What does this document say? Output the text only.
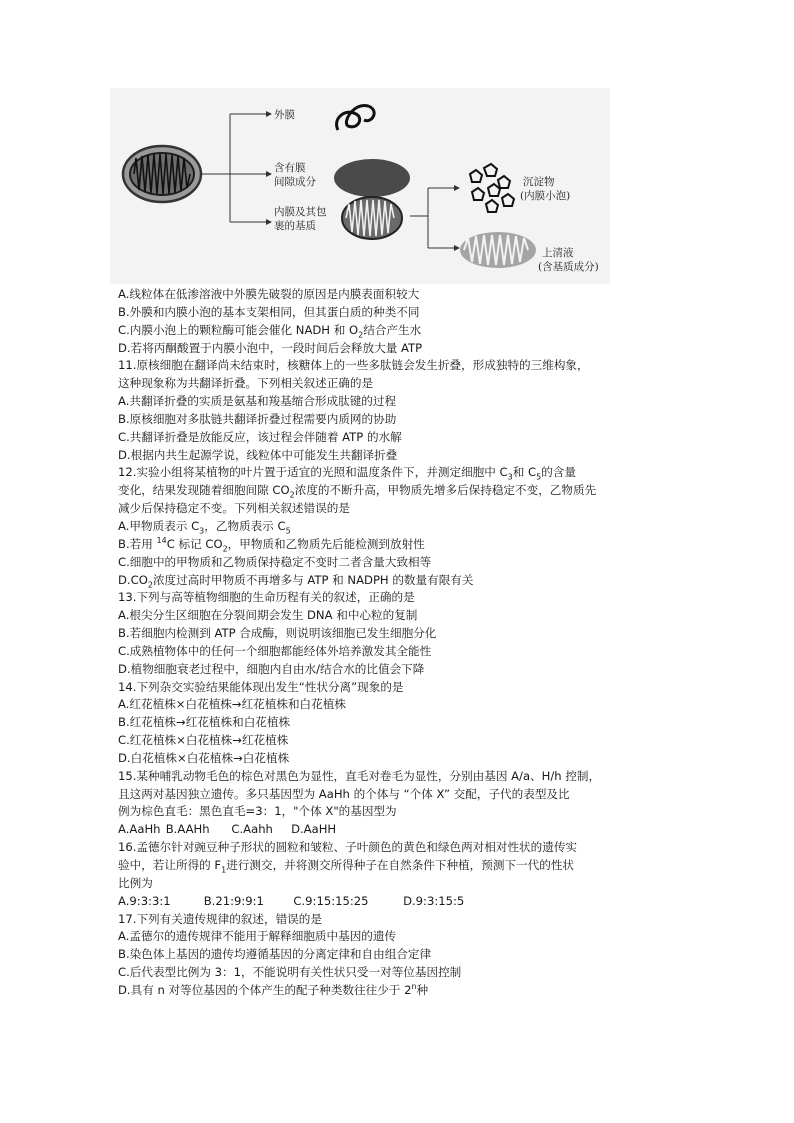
外膜
含有膜
间隙成分
内膜及其包
裹的基质
沉淀物
(内膜小泡)
上清液
(含基质成分)
A.线粒体在低渗溶液中外膜先破裂的原因是内膜表面积较大
B.外膜和内膜小泡的基本支架相同，但其蛋白质的种类不同
C.内膜小泡上的颗粒酶可能会催化 NADH 和 $O_2$结合产生水
D.若将丙酮酸置于内膜小泡中，一段时间后会释放大量 ATP
11.原核细胞在翻译尚未结束时，核糖体上的一些多肽链会发生折叠，形成独特的三维构象，
这种现象称为共翻译折叠。下列相关叙述正确的是
A.共翻译折叠的实质是氨基和羧基缩合形成肽键的过程
B.原核细胞对多肽链共翻译折叠过程需要内质网的协助
C.共翻译折叠是放能反应，该过程会伴随着 ATP 的水解
D.根据内共生起源学说，线粒体中可能发生共翻译折叠
12.实验小组将某植物的叶片置于适宜的光照和温度条件下，并测定细胞中 $C_3$和 $C_5$的含量
变化，结果发现随着细胞间隙 $CO_2$浓度的不断升高，甲物质先增多后保持稳定不变，乙物质先
减少后保持稳定不变。下列相关叙述错误的是
A.甲物质表示 $C_3$，乙物质表示 $C_5$
B.若用 $^{14}$C 标记 $CO_2$，甲物质和乙物质先后能检测到放射性
C.细胞中的甲物质和乙物质保持稳定不变时二者含量大致相等
$D.CO_2$浓度过高时甲物质不再增多与 ATP 和 NADPH 的数量有限有关
13.下列与高等植物细胞的生命历程有关的叙述，正确的是
A.根尖分生区细胞在分裂间期会发生 DNA 和中心粒的复制
B.若细胞内检测到 ATP 合成酶，则说明该细胞已发生细胞分化
C.成熟植物体中的任何一个细胞都能经体外培养激发其全能性
D.植物细胞衰老过程中，细胞内自由水/结合水的比值会下降
14.下列杂交实验结果能体现出发生“性状分离”现象的是
A.红花植株×白花植株→红花植株和白花植株
B.红花植株→红花植株和白花植株
C.红花植株×白花植株→红花植株
D.白花植株×白花植株→白花植株
15.某种哺乳动物毛色的棕色对黑色为显性，直毛对卷毛为显性，分别由基因 A/a、H/h 控制，
且这两对基因独立遗传。多只基因型为 AaHh 的个体与 “个体 X” 交配，子代的表型及比
例为棕色直毛：黑色直毛=3：1，"个体 X"的基因型为
A.AaHh B.AAHh C.Aahh D.AaHH
16.孟德尔针对豌豆种子形状的圆粒和皱粒、子叶颜色的黄色和绿色两对相对性状的遗传实
验中，若让所得的 $F_1$进行测交，并将测交所得种子在自然条件下种植，预测下一代的性状
比例为
A.9:3:3:1	B.21:9:9:1	C.9:15:15:25	D.9:3:15:5
17.下列有关遗传规律的叙述，错误的是
A.孟德尔的遗传规律不能用于解释细胞质中基因的遗传
B.染色体上基因的遗传均遵循基因的分离定律和自由组合定律
C.后代表型比例为 3：1，不能说明有关性状只受一对等位基因控制
D.具有 n 对等位基因的个体产生的配子种类数往往少于 2$^n$种
